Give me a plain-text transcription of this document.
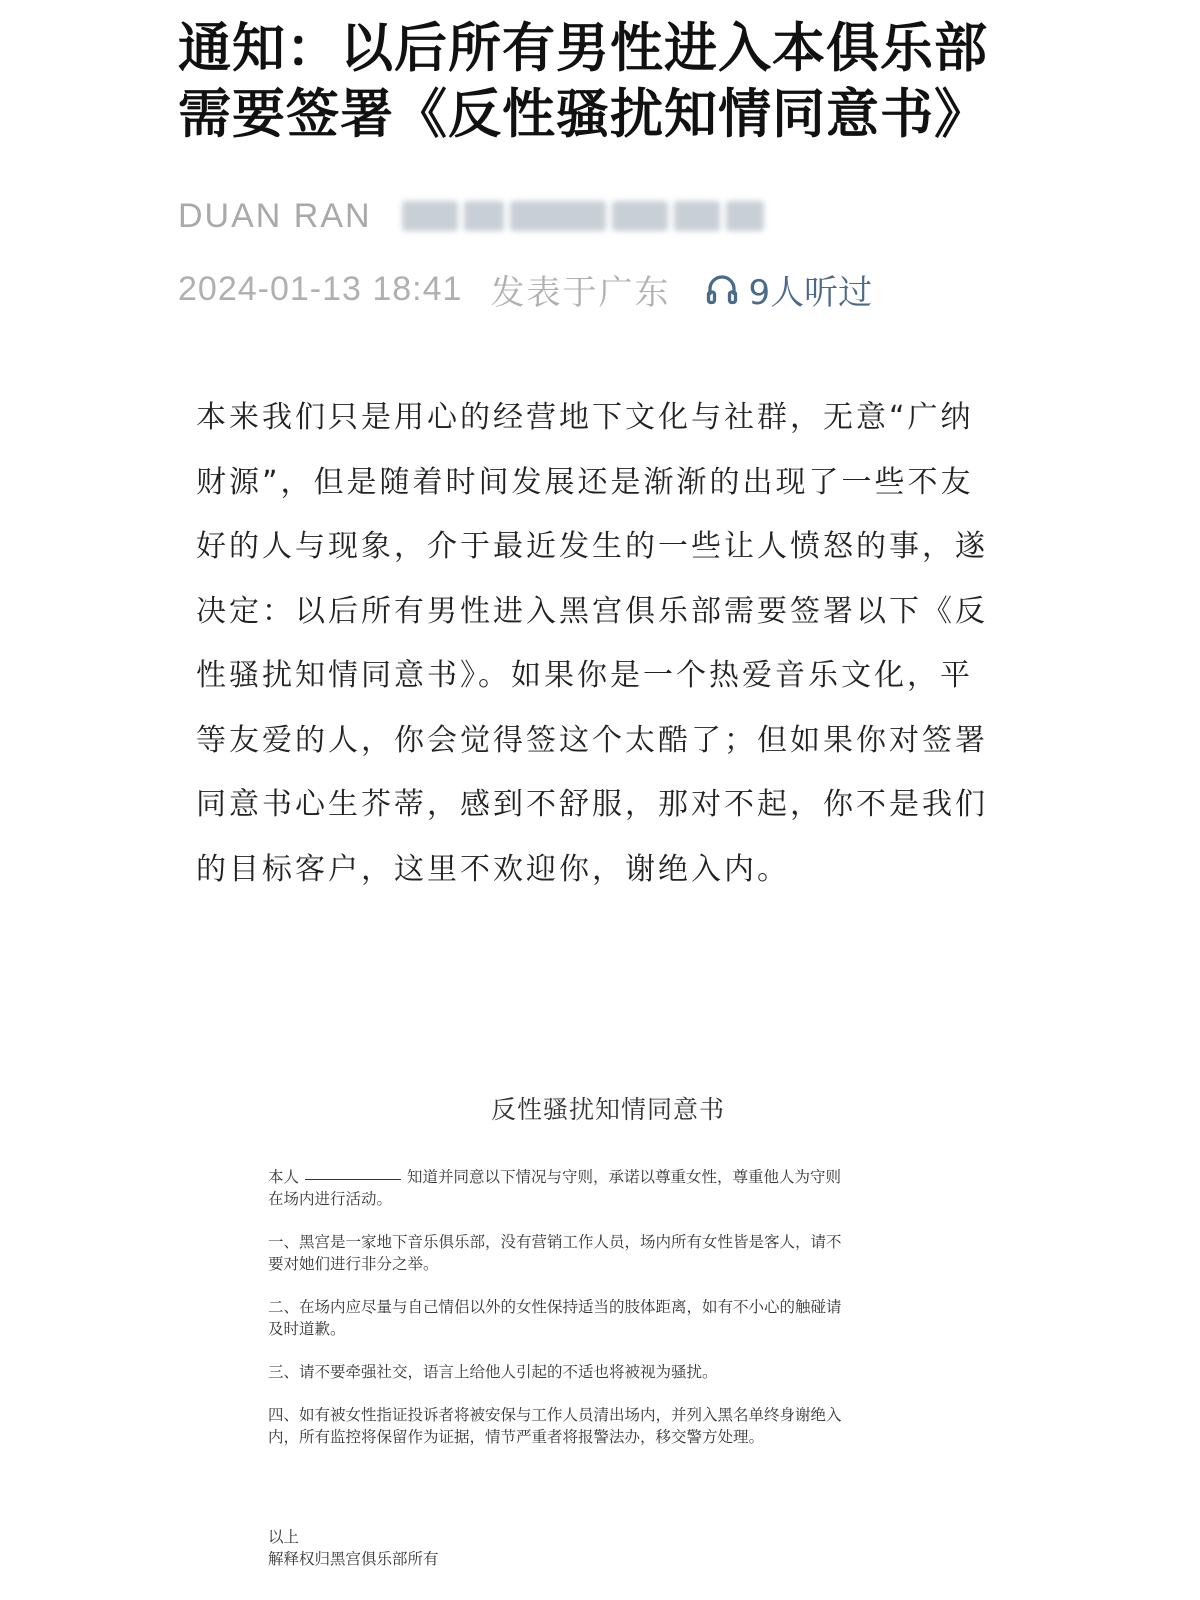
通知：以后所有男性进入本俱乐部
需要签署《反性骚扰知情同意书》
DUAN RAN
2024-01-13 18:41 发表于广东 9人听过
本来我们只是用心的经营地下文化与社群，无意“广纳
财源”，但是随着时间发展还是渐渐的出现了一些不友
好的人与现象，介于最近发生的一些让人愤怒的事，遂
决定：以后所有男性进入黑宫俱乐部需要签署以下《反
性骚扰知情同意书》。如果你是一个热爱音乐文化，平
等友爱的人，你会觉得签这个太酷了；但如果你对签署
同意书心生芥蒂，感到不舒服，那对不起，你不是我们
的目标客户，这里不欢迎你，谢绝入内。
反性骚扰知情同意书
本人	知道并同意以下情况与守则，承诺以尊重女性，尊重他人为守则
在场内进行活动。
一、黑宫是一家地下音乐俱乐部，没有营销工作人员，场内所有女性皆是客人，请不
要对她们进行非分之举。
二、在场内应尽量与自己情侣以外的女性保持适当的肢体距离，如有不小心的触碰请
及时道歉。
三、请不要牵强社交，语言上给他人引起的不适也将被视为骚扰。
四、如有被女性指证投诉者将被安保与工作人员清出场内，并列入黑名单终身谢绝入
内，所有监控将保留作为证据，情节严重者将报警法办，移交警方处理。
以上
解释权归黑宫俱乐部所有
